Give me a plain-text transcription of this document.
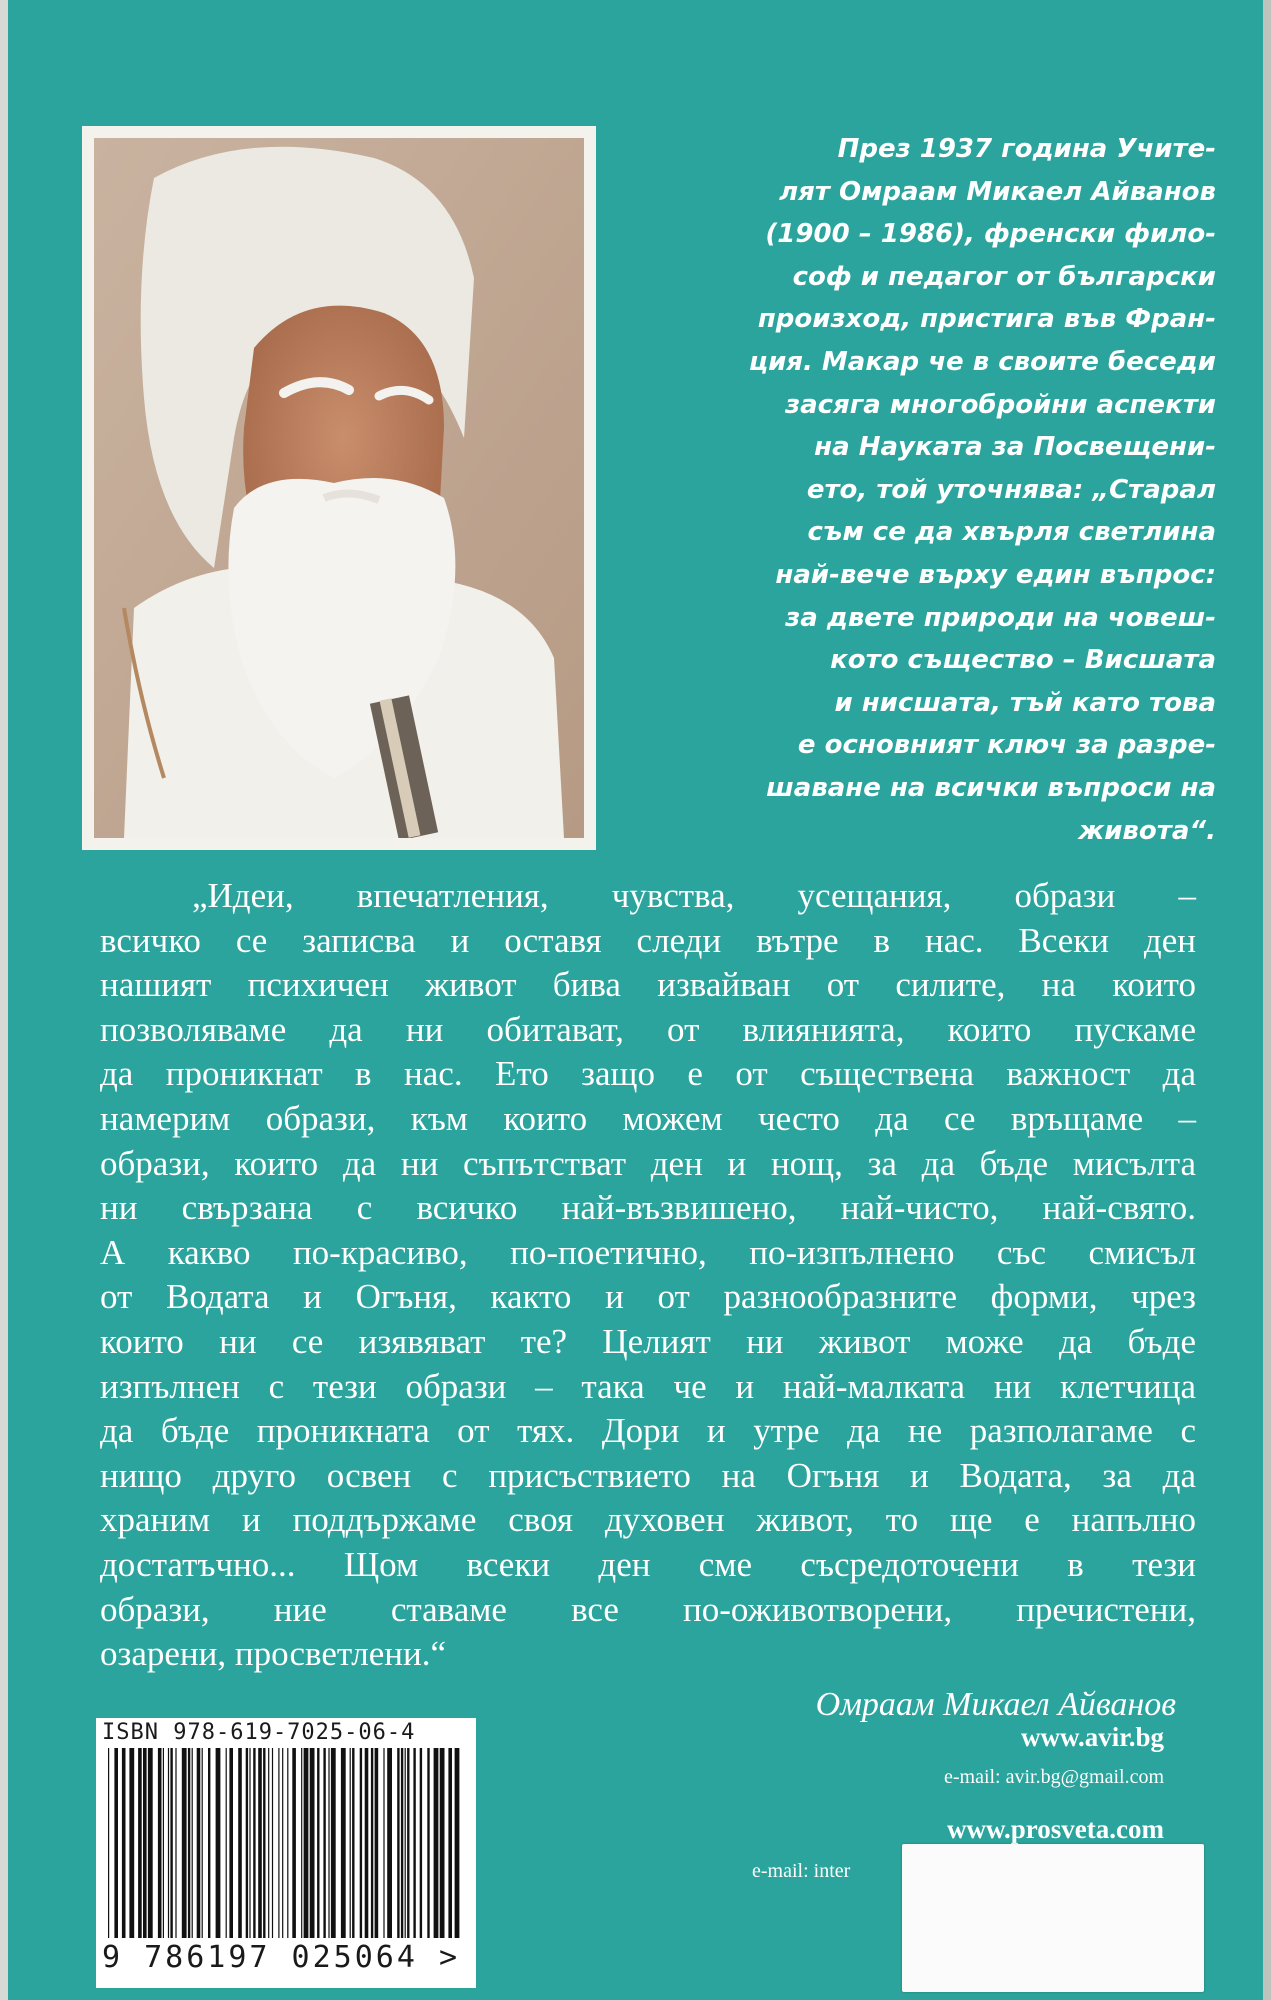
През 1937 година Учите-
лят Омраам Микаел Айванов
(1900 – 1986), френски фило-
соф и педагог от български
произход, пристига във Фран-
ция. Макар че в своите беседи
засяга многобройни аспекти
на Науката за Посвещени-
ето, той уточнява: „Старал
съм се да хвърля светлина
най-вече върху един въпрос:
за двете природи на човеш-
кото същество – Висшата
и нисшата, тъй като това
е основният ключ за разре-
шаване на всички въпроси на
живота“.
„Идеи, впечатления, чувства, усещания, образи –
всичко се записва и оставя следи вътре в нас. Всеки ден
нашият психичен живот бива извайван от силите, на които
позволяваме да ни обитават, от влиянията, които пускаме
да проникнат в нас. Ето защо е от съществена важност да
намерим образи, към които можем често да се връщаме –
образи, които да ни съпътстват ден и нощ, за да бъде мисълта
ни свързана с всичко най-възвишено, най-чисто, най-свято.
А какво по-красиво, по-поетично, по-изпълнено със смисъл
от Водата и Огъня, както и от разнообразните форми, чрез
които ни се изявяват те? Целият ни живот може да бъде
изпълнен с тези образи – така че и най-малката ни клетчица
да бъде проникната от тях. Дори и утре да не разполагаме с
нищо друго освен с присъствието на Огъня и Водата, за да
храним и поддържаме своя духовен живот, то ще е напълно
достатъчно... Щом всеки ден сме съсредоточени в тези
образи, ние ставаме все по-оживотворени, пречистени,
озарени, просветлени.“
Омраам Микаел Айванов
ISBN 978-619-7025-06-4
9 786197 025064 >
www.avir.bg
e-mail: avir.bg@gmail.com
www.prosveta.com
e-mail: inter
